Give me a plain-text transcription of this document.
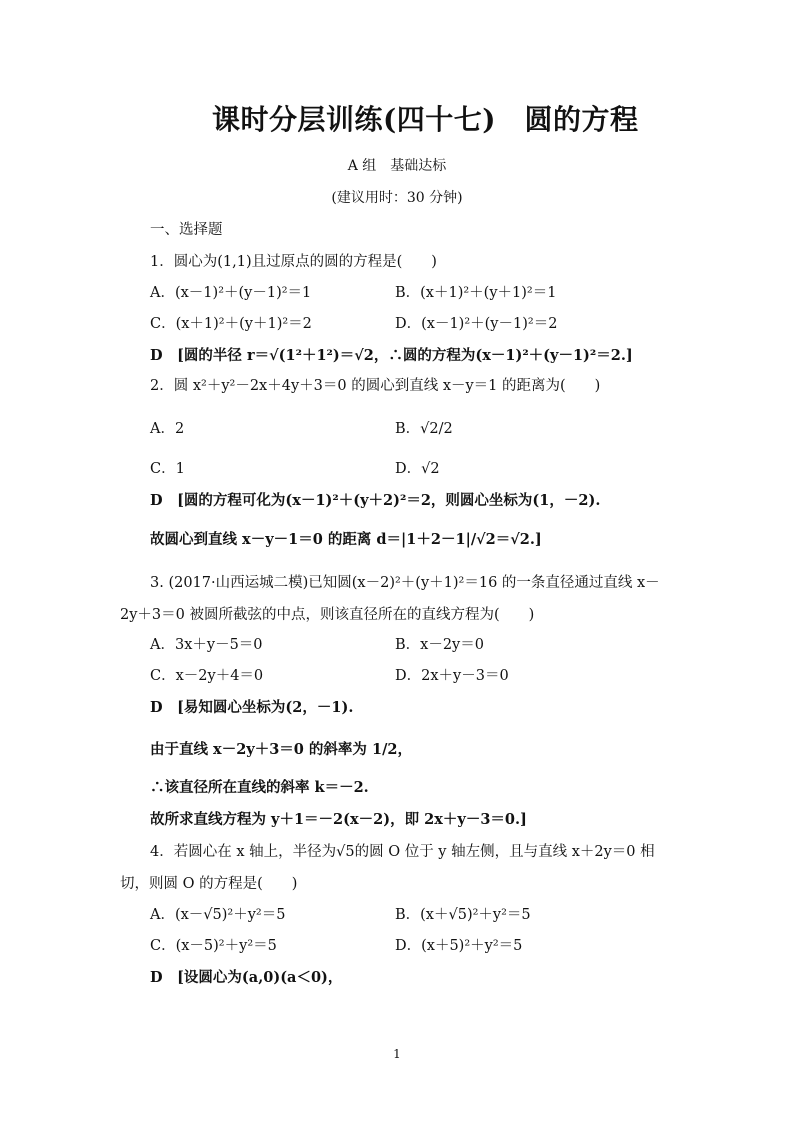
课时分层训练(四十七)　圆的方程
A 组　基础达标
(建议用时：30 分钟)
一、选择题
1．圆心为(1,1)且过原点的圆的方程是(　　)
A．(x－1)²＋(y－1)²＝1	B．(x＋1)²＋(y＋1)²＝1
C．(x＋1)²＋(y＋1)²＝2	D．(x－1)²＋(y－1)²＝2
D　[圆的半径 r＝√(1²＋1²)＝√2，∴圆的方程为(x－1)²＋(y－1)²＝2.]
2．圆 x²＋y²－2x＋4y＋3＝0 的圆心到直线 x－y＝1 的距离为(　　)
A．2	B．√2/2
C．1	D．√2
D　[圆的方程可化为(x－1)²＋(y＋2)²＝2，则圆心坐标为(1，－2).
故圆心到直线 x－y－1＝0 的距离 d＝|1＋2－1|/√2＝√2.]
3. (2017·山西运城二模)已知圆(x－2)²＋(y＋1)²＝16 的一条直径通过直线 x－
2y＋3＝0 被圆所截弦的中点，则该直径所在的直线方程为(　　)
A．3x＋y－5＝0	B．x－2y＝0
C．x－2y＋4＝0	D．2x＋y－3＝0
D　[易知圆心坐标为(2，－1).
由于直线 x－2y＋3＝0 的斜率为 1/2，
∴该直径所在直线的斜率 k＝－2.
故所求直线方程为 y＋1＝－2(x－2)，即 2x＋y－3＝0.]
4．若圆心在 x 轴上，半径为√5的圆 O 位于 y 轴左侧，且与直线 x＋2y＝0 相
切，则圆 O 的方程是(　　)
A．(x－√5)²＋y²＝5	B．(x＋√5)²＋y²＝5
C．(x－5)²＋y²＝5	D．(x＋5)²＋y²＝5
D　[设圆心为(a,0)(a＜0)，
1
